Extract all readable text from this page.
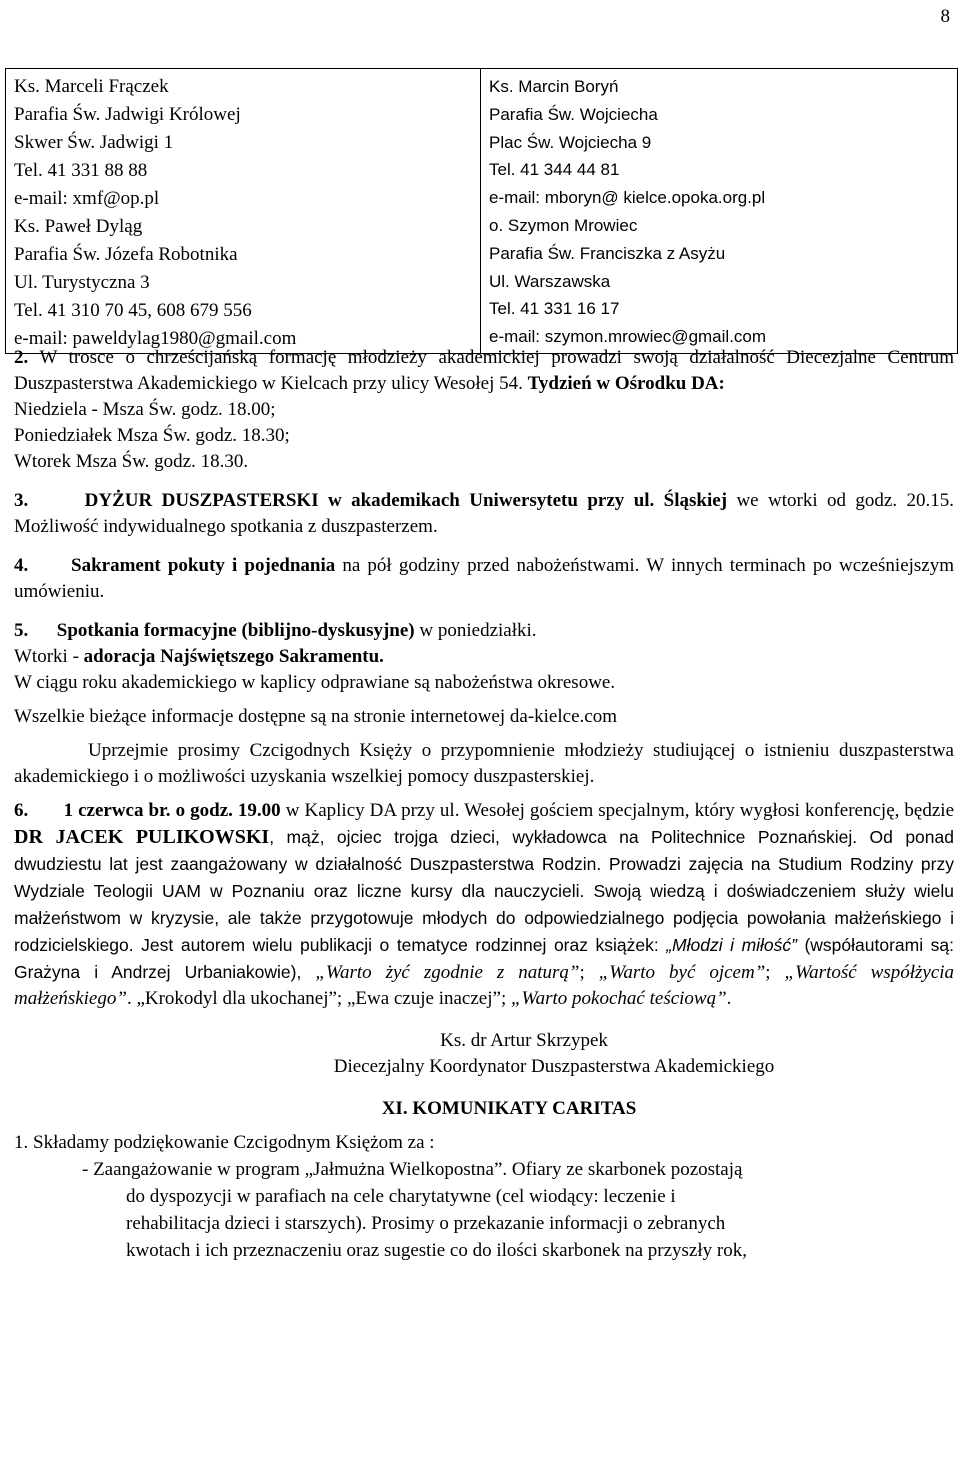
8
Ks. Marceli Frączek
Parafia Św. Jadwigi Królowej
Skwer Św. Jadwigi 1
Tel. 41 331 88 88
e-mail: xmf@op.pl
Ks. Paweł Dyląg
Parafia Św. Józefa Robotnika
Ul. Turystyczna 3
Tel. 41 310 70 45, 608 679 556
e-mail: paweldylag1980@gmail.com

Ks. Marcin Boryń
Parafia Św. Wojciecha
Plac Św. Wojciecha 9
Tel. 41 344 44 81
e-mail: mboryn@ kielce.opoka.org.pl
o. Szymon Mrowiec
Parafia Św. Franciszka z Asyżu
Ul. Warszawska
Tel. 41 331 16 17
e-mail: szymon.mrowiec@gmail.com
2. W trosce o chrześcijańską formację młodzieży akademickiej prowadzi swoją działalność Diecezjalne Centrum Duszpasterstwa Akademickiego w Kielcach przy ulicy Wesołej 54. Tydzień w Ośrodku DA:
Niedziela - Msza Św. godz. 18.00;
Poniedziałek Msza Św. godz. 18.30;
Wtorek Msza Św. godz. 18.30.
3.	DYŻUR DUSZPASTERSKI w akademikach Uniwersytetu przy ul. Śląskiej we wtorki od godz. 20.15. Możliwość indywidualnego spotkania z duszpasterzem.
4. Sakrament pokuty i pojednania na pół godziny przed nabożeństwami. W innych terminach po wcześniejszym umówieniu.
5. Spotkania formacyjne (biblijno-dyskusyjne) w poniedziałki.
Wtorki - adoracja Najświętszego Sakramentu.
W ciągu roku akademickiego w kaplicy odprawiane są nabożeństwa okresowe.
Wszelkie bieżące informacje dostępne są na stronie internetowej da-kielce.com
Uprzejmie prosimy Czcigodnych Księży o przypomnienie młodzieży studiującej o istnieniu duszpasterstwa akademickiego i o możliwości uzyskania wszelkiej pomocy duszpasterskiej.
6. 1 czerwca br. o godz. 19.00 w Kaplicy DA przy ul. Wesołej gościem specjalnym, który wygłosi konferencję, będzie DR JACEK PULIKOWSKI, mąż, ojciec trojga dzieci, wykładowca na Politechnice Poznańskiej. Od ponad dwudziestu lat jest zaangażowany w działalność Duszpasterstwa Rodzin. Prowadzi zajęcia na Studium Rodziny przy Wydziale Teologii UAM w Poznaniu oraz liczne kursy dla nauczycieli. Swoją wiedzą i doświadczeniem służy wielu małżeństwom w kryzysie, ale także przygotowuje młodych do odpowiedzialnego podjęcia powołania małżeńskiego i rodzicielskiego. Jest autorem wielu publikacji o tematyce rodzinnej oraz książek: „Młodzi i miłość” (współautorami są: Grażyna i Andrzej Urbaniakowie), „Warto żyć zgodnie z naturą”; „Warto być ojcem”; „Wartość współżycia małżeńskiego”. „Krokodyl dla ukochanej”; „Ewa czuje inaczej”; „Warto pokochać teściową”.
Ks. dr Artur Skrzypek
Diecezjalny Koordynator Duszpasterstwa Akademickiego
XI. KOMUNIKATY CARITAS
1. Składamy podziękowanie Czcigodnym Księżom za :
- Zaangażowanie w program „Jałmużna Wielkopostna”. Ofiary ze skarbonek pozostają
do dyspozycji w parafiach na cele charytatywne (cel wiodący: leczenie i
rehabilitacja dzieci i starszych). Prosimy o przekazanie informacji o zebranych
kwotach i ich przeznaczeniu oraz sugestie co do ilości skarbonek na przyszły rok,
